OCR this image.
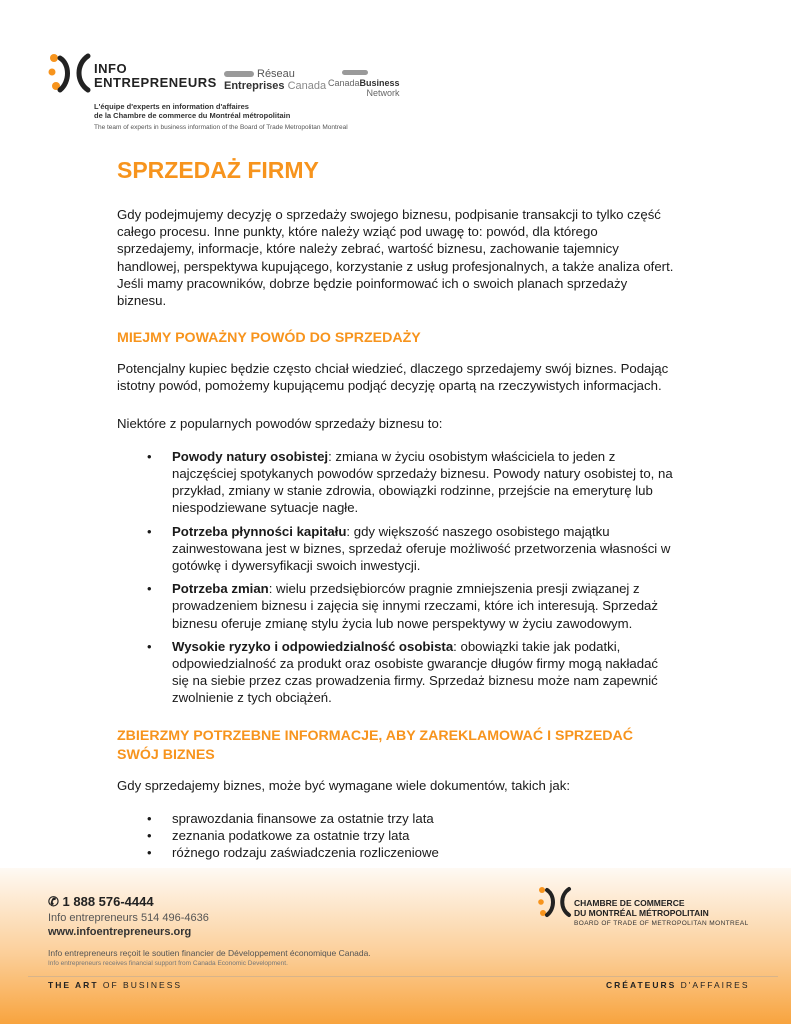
INFO
ENTREPRENEURS
Réseau
Entreprises Canada CanadaBusiness
Network
L'équipe d'experts en information d'affaires
de la Chambre de commerce du Montréal métropolitain
The team of experts in business information of the Board of Trade Metropolitan Montreal
SPRZEDAŻ FIRMY

Gdy podejmujemy decyzję o sprzedaży swojego biznesu, podpisanie transakcji to tylko część całego procesu. Inne punkty, które należy wziąć pod uwagę to: powód, dla którego sprzedajemy, informacje, które należy zebrać, wartość biznesu, zachowanie tajemnicy handlowej, perspektywa kupującego, korzystanie z usług profesjonalnych, a także analiza ofert. Jeśli mamy pracowników, dobrze będzie poinformować ich o swoich planach sprzedaży biznesu.

MIEJMY POWAŻNY POWÓD DO SPRZEDAŻY

Potencjalny kupiec będzie często chciał wiedzieć, dlaczego sprzedajemy swój biznes. Podając istotny powód, pomożemy kupującemu podjąć decyzję opartą na rzeczywistych informacjach.

Niektóre z popularnych powodów sprzedaży biznesu to:

• Powody natury osobistej: zmiana w życiu osobistym właściciela to jeden z najczęściej spotykanych powodów sprzedaży biznesu. Powody natury osobistej to, na przykład, zmiany w stanie zdrowia, obowiązki rodzinne, przejście na emeryturę lub niespodziewane sytuacje nagłe.
• Potrzeba płynności kapitału: gdy większość naszego osobistego majątku zainwestowana jest w biznes, sprzedaż oferuje możliwość przetworzenia własności w gotówkę i dywersyfikacji swoich inwestycji.
• Potrzeba zmian: wielu przedsiębiorców pragnie zmniejszenia presji związanej z prowadzeniem biznesu i zajęcia się innymi rzeczami, które ich interesują. Sprzedaż biznesu oferuje zmianę stylu życia lub nowe perspektywy w życiu zawodowym.
• Wysokie ryzyko i odpowiedzialność osobista: obowiązki takie jak podatki, odpowiedzialność za produkt oraz osobiste gwarancje długów firmy mogą nakładać się na siebie przez czas prowadzenia firmy. Sprzedaż biznesu może nam zapewnić zwolnienie z tych obciążeń.
ZBIERZMY POTRZEBNE INFORMACJE, ABY ZAREKLAMOWAĆ I SPRZEDAĆ SWÓJ BIZNES

Gdy sprzedajemy biznes, może być wymagane wiele dokumentów, takich jak:

• sprawozdania finansowe za ostatnie trzy lata
• zeznania podatkowe za ostatnie trzy lata
• różnego rodzaju zaświadczenia rozliczeniowe
✆ 1 888 576-4444
Info entrepreneurs 514 496-4636
www.infoentrepreneurs.org
Info entrepreneurs reçoit le soutien financier de Développement économique Canada.
Info entrepreneurs receives financial support from Canada Economic Development.
CHAMBRE DE COMMERCE
DU MONTRÉAL MÉTROPOLITAIN
BOARD OF TRADE OF METROPOLITAN MONTREAL
THE ART OF BUSINESS	CRÉATEURS D'AFFAIRES
